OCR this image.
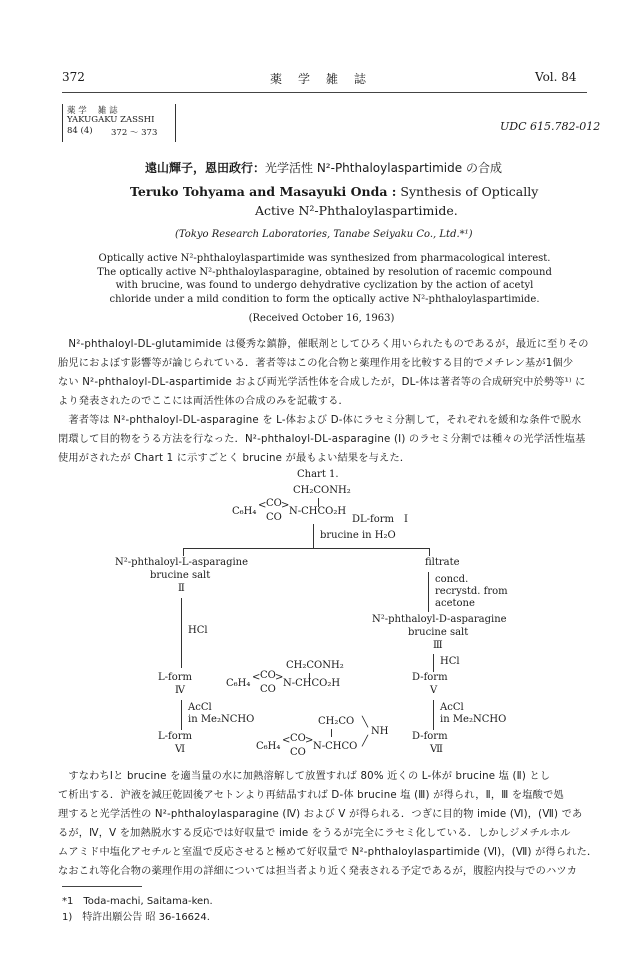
372	薬　学　雑　誌	Vol. 84
薬 学　 雑 誌
YAKUGAKU ZASSHI
84 (4) 372 ～ 373	UDC 615.782-012
遠山輝子，恩田政行：光学活性 N²-Phthaloylaspartimide の合成
Teruko Tohyama and Masayuki Onda : Synthesis of Optically
Active N²-Phthaloylaspartimide.
(Tokyo Research Laboratories, Tanabe Seiyaku Co., Ltd.*¹)
Optically active N²-phthaloylaspartimide was synthesized from pharmacological interest.
The optically active N²-phthaloylasparagine, obtained by resolution of racemic compound
with brucine, was found to undergo dehydrative cyclization by the action of acetyl
chloride under a mild condition to form the optically active N²-phthaloylaspartimide.
(Received October 16, 1963)
　N²-phthaloyl-DL-glutamimide は優秀な鎮静，催眠剤としてひろく用いられたものであるが，最近に至りその
胎児におよぼす影響等が論じられている．著者等はこの化合物と薬理作用を比較する目的でメチレン基が1個少
ない N²-phthaloyl-DL-aspartimide および両光学活性体を合成したが，DL-体は著者等の合成研究中於勢等¹⁾ に
より発表されたのでここには両活性体の合成のみを記載する．
　著者等は N²-phthaloyl-DL-asparagine を L-体および D-体にラセミ分割して，それぞれを緩和な条件で脱水
閉環して目的物をうる方法を行なった．N²-phthaloyl-DL-asparagine (Ⅰ) のラセミ分割では種々の光学活性塩基
使用がされたが Chart 1 に示すごとく brucine が最もよい結果を与えた．
Chart 1.
CH₂CONH₂
C₆H₄
< CO
CO
>
N-CHCO₂H
DL-form　Ⅰ
brucine in H₂O
N²-phthaloyl-L-asparagine
brucine salt
Ⅱ
filtrate
concd.
recrystd. from
acetone
N²-phthaloyl-D-asparagine
brucine salt
Ⅲ
HCl
HCl
L-form
Ⅳ
D-form
Ⅴ
CH₂CONH₂
C₆H₄
< CO
CO
>
N-CHCO₂H
AcCl
in Me₂NCHO
AcCl
in Me₂NCHO
L-form
Ⅵ
D-form
Ⅶ
CH₂CO ╲
NH
╱
C₆H₄
< CO
CO
>
N-CHCO
　すなわちⅠと brucine を適当量の水に加熱溶解して放置すれば 80% 近くの L-体が brucine 塩 (Ⅱ) とし
て析出する．沪液を減圧乾固後アセトンより再結晶すれば D-体 brucine 塩 (Ⅲ) が得られ，Ⅱ，Ⅲ を塩酸で処
理すると光学活性の N²-phthaloylasparagine (Ⅳ) および Ⅴ が得られる．つぎに目的物 imide (Ⅵ)，(Ⅶ) であ
るが，Ⅳ，Ⅴ を加熱脱水する反応では好収量で imide をうるが完全にラセミ化している．しかしジメチルホル
ムアミド中塩化アセチルと室温で反応させると極めて好収量で N²-phthaloylaspartimide (Ⅵ)，(Ⅶ) が得られた．
なおこれ等化合物の薬理作用の詳細については担当者より近く発表される予定であるが，腹腔内投与でのハツカ
*1　Toda-machi, Saitama-ken.
1)　特許出願公告 昭 36-16624.
